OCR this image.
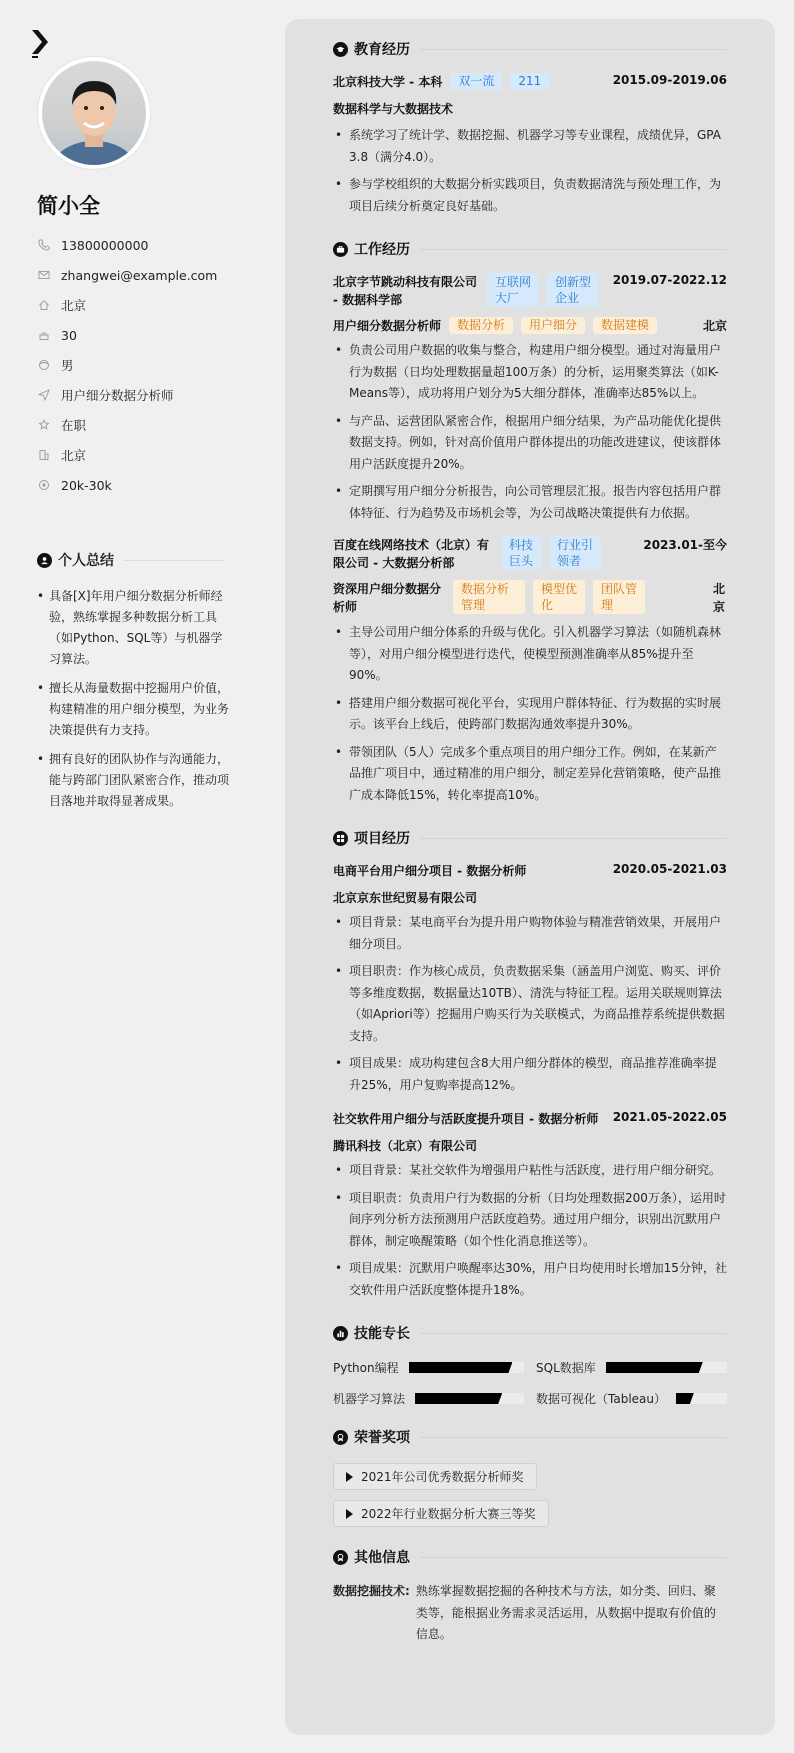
简小全
13800000000
zhangwei@example.com
北京
30
男
用户细分数据分析师
在职
北京
20k-30k
个人总结
• 具备[X]年用户细分数据分析师经验，熟练掌握多种数据分析工具（如Python、SQL等）与机器学习算法。
• 擅长从海量数据中挖掘用户价值，构建精准的用户细分模型，为业务决策提供有力支持。
• 拥有良好的团队协作与沟通能力，能与跨部门团队紧密合作，推动项目落地并取得显著成果。
教育经历
北京科技大学 - 本科	双一流	211	2015.09-2019.06
数据科学与大数据技术
• 系统学习了统计学、数据挖掘、机器学习等专业课程，成绩优异，GPA 3.8（满分4.0）。
• 参与学校组织的大数据分析实践项目，负责数据清洗与预处理工作，为项目后续分析奠定良好基础。
工作经历
北京字节跳动科技有限公司 - 数据科学部
互联网大厂
创新型企业
2019.07-2022.12
用户细分数据分析师	数据分析	用户细分	数据建模	北京
• 负责公司用户数据的收集与整合，构建用户细分模型。通过对海量用户行为数据（日均处理数据量超100万条）的分析，运用聚类算法（如K-Means等），成功将用户划分为5大细分群体，准确率达85%以上。
• 与产品、运营团队紧密合作，根据用户细分结果，为产品功能优化提供数据支持。例如，针对高价值用户群体提出的功能改进建议，使该群体用户活跃度提升20%。
• 定期撰写用户细分分析报告，向公司管理层汇报。报告内容包括用户群体特征、行为趋势及市场机会等，为公司战略决策提供有力依据。
百度在线网络技术（北京）有限公司 - 大数据分析部
科技巨头
行业引领者
2023.01-至今
资深用户细分数据分析师
数据分析管理
模型优化
团队管理
北京
• 主导公司用户细分体系的升级与优化。引入机器学习算法（如随机森林等），对用户细分模型进行迭代，使模型预测准确率从85%提升至90%。
• 搭建用户细分数据可视化平台，实现用户群体特征、行为数据的实时展示。该平台上线后，使跨部门数据沟通效率提升30%。
• 带领团队（5人）完成多个重点项目的用户细分工作。例如，在某新产品推广项目中，通过精准的用户细分，制定差异化营销策略，使产品推广成本降低15%，转化率提高10%。
项目经历
电商平台用户细分项目 - 数据分析师	2020.05-2021.03
北京京东世纪贸易有限公司
• 项目背景：某电商平台为提升用户购物体验与精准营销效果，开展用户细分项目。
• 项目职责：作为核心成员，负责数据采集（涵盖用户浏览、购买、评价等多维度数据，数据量达10TB）、清洗与特征工程。运用关联规则算法（如Apriori等）挖掘用户购买行为关联模式，为商品推荐系统提供数据支持。
• 项目成果：成功构建包含8大用户细分群体的模型，商品推荐准确率提升25%，用户复购率提高12%。
社交软件用户细分与活跃度提升项目 - 数据分析师 2021.05-2022.05
腾讯科技（北京）有限公司
• 项目背景：某社交软件为增强用户粘性与活跃度，进行用户细分研究。
• 项目职责：负责用户行为数据的分析（日均处理数据200万条），运用时间序列分析方法预测用户活跃度趋势。通过用户细分，识别出沉默用户群体，制定唤醒策略（如个性化消息推送等）。
• 项目成果：沉默用户唤醒率达30%，用户日均使用时长增加15分钟，社交软件用户活跃度整体提升18%。
技能专长
Python编程	SQL数据库
机器学习算法	数据可视化（Tableau）
荣誉奖项
2021年公司优秀数据分析师奖
2022年行业数据分析大赛三等奖
其他信息
数据挖掘技术: 熟练掌握数据挖掘的各种技术与方法，如分类、回归、聚类等，能根据业务需求灵活运用，从数据中提取有价值的信息。
